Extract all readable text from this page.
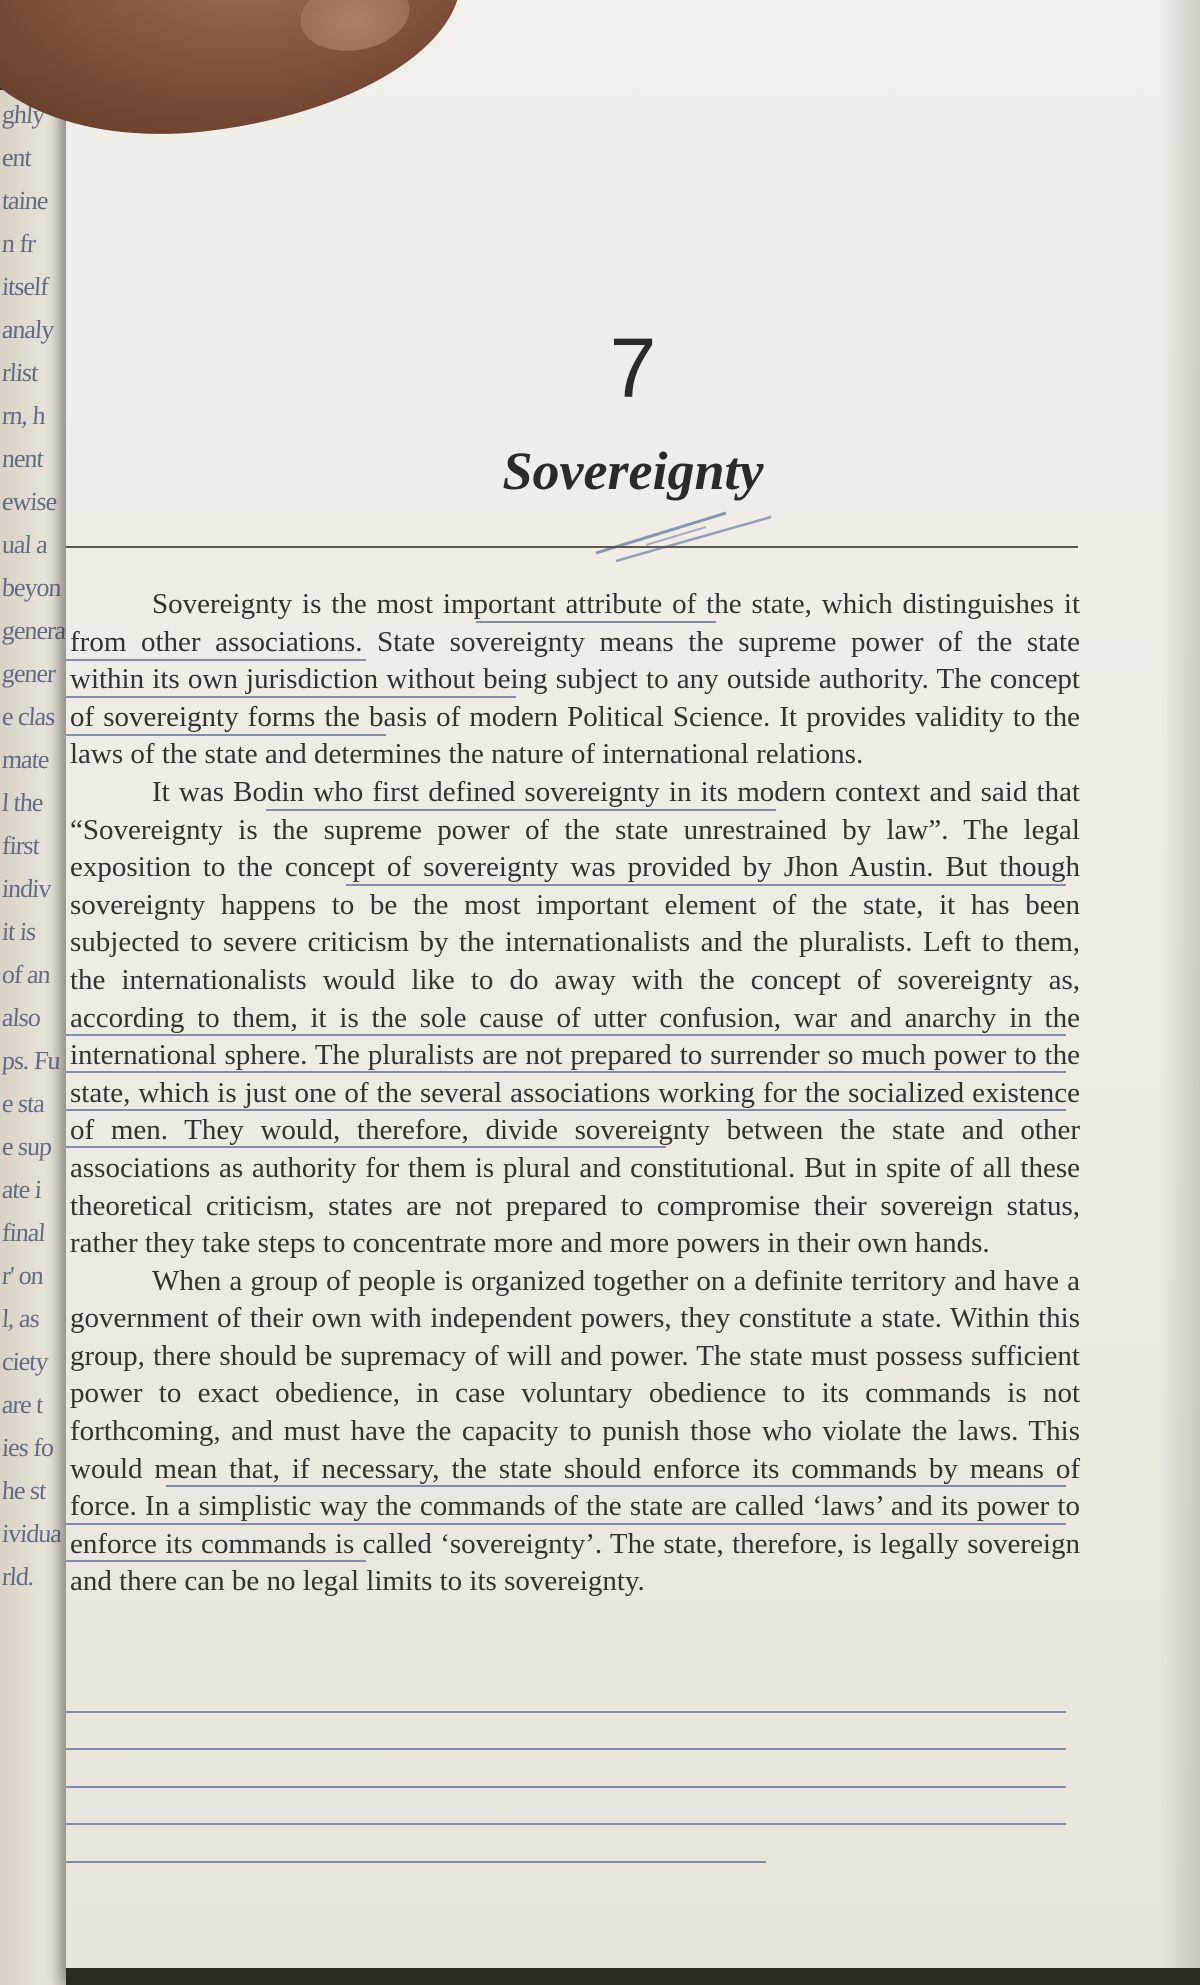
ghly
ent
taine
n fr
itself
analy
rlist
rn, h
nent
ewise
ual a
beyon
genera
gener
e clas
mate
l the
first
indiv
it is
of an
also
ps. Fu
e sta
e sup
ate i
final
r' on
l, as
ciety
are t
ies fo
he st
ividua
rld.
7
Sovereignty

Sovereignty is the most important attribute of the state, which distinguishes it from other associations. State sovereignty means the supreme power of the state within its own jurisdiction without being subject to any outside authority. The concept of sovereignty forms the basis of modern Political Science. It provides validity to the laws of the state and determines the nature of international relations.

It was Bodin who first defined sovereignty in its modern context and said that “Sovereignty is the supreme power of the state unrestrained by law”. The legal exposition to the concept of sovereignty was provided by Jhon Austin. But though sovereignty happens to be the most important element of the state, it has been subjected to severe criticism by the internationalists and the pluralists. Left to them, the internationalists would like to do away with the concept of sovereignty as, according to them, it is the sole cause of utter confusion, war and anarchy in the international sphere. The pluralists are not prepared to surrender so much power to the state, which is just one of the several associations working for the socialized existence of men. They would, therefore, divide sovereignty between the state and other associations as authority for them is plural and constitutional. But in spite of all these theoretical criticism, states are not prepared to compromise their sovereign status, rather they take steps to concentrate more and more powers in their own hands.

When a group of people is organized together on a definite territory and have a government of their own with independent powers, they constitute a state. Within this group, there should be supremacy of will and power. The state must possess sufficient power to exact obedience, in case voluntary obedience to its commands is not forthcoming, and must have the capacity to punish those who violate the laws. This would mean that, if necessary, the state should enforce its commands by means of force. In a simplistic way the commands of the state are called ‘laws’ and its power to enforce its commands is called ‘sovereignty’. The state, therefore, is legally sovereign and there can be no legal limits to its sovereignty.
